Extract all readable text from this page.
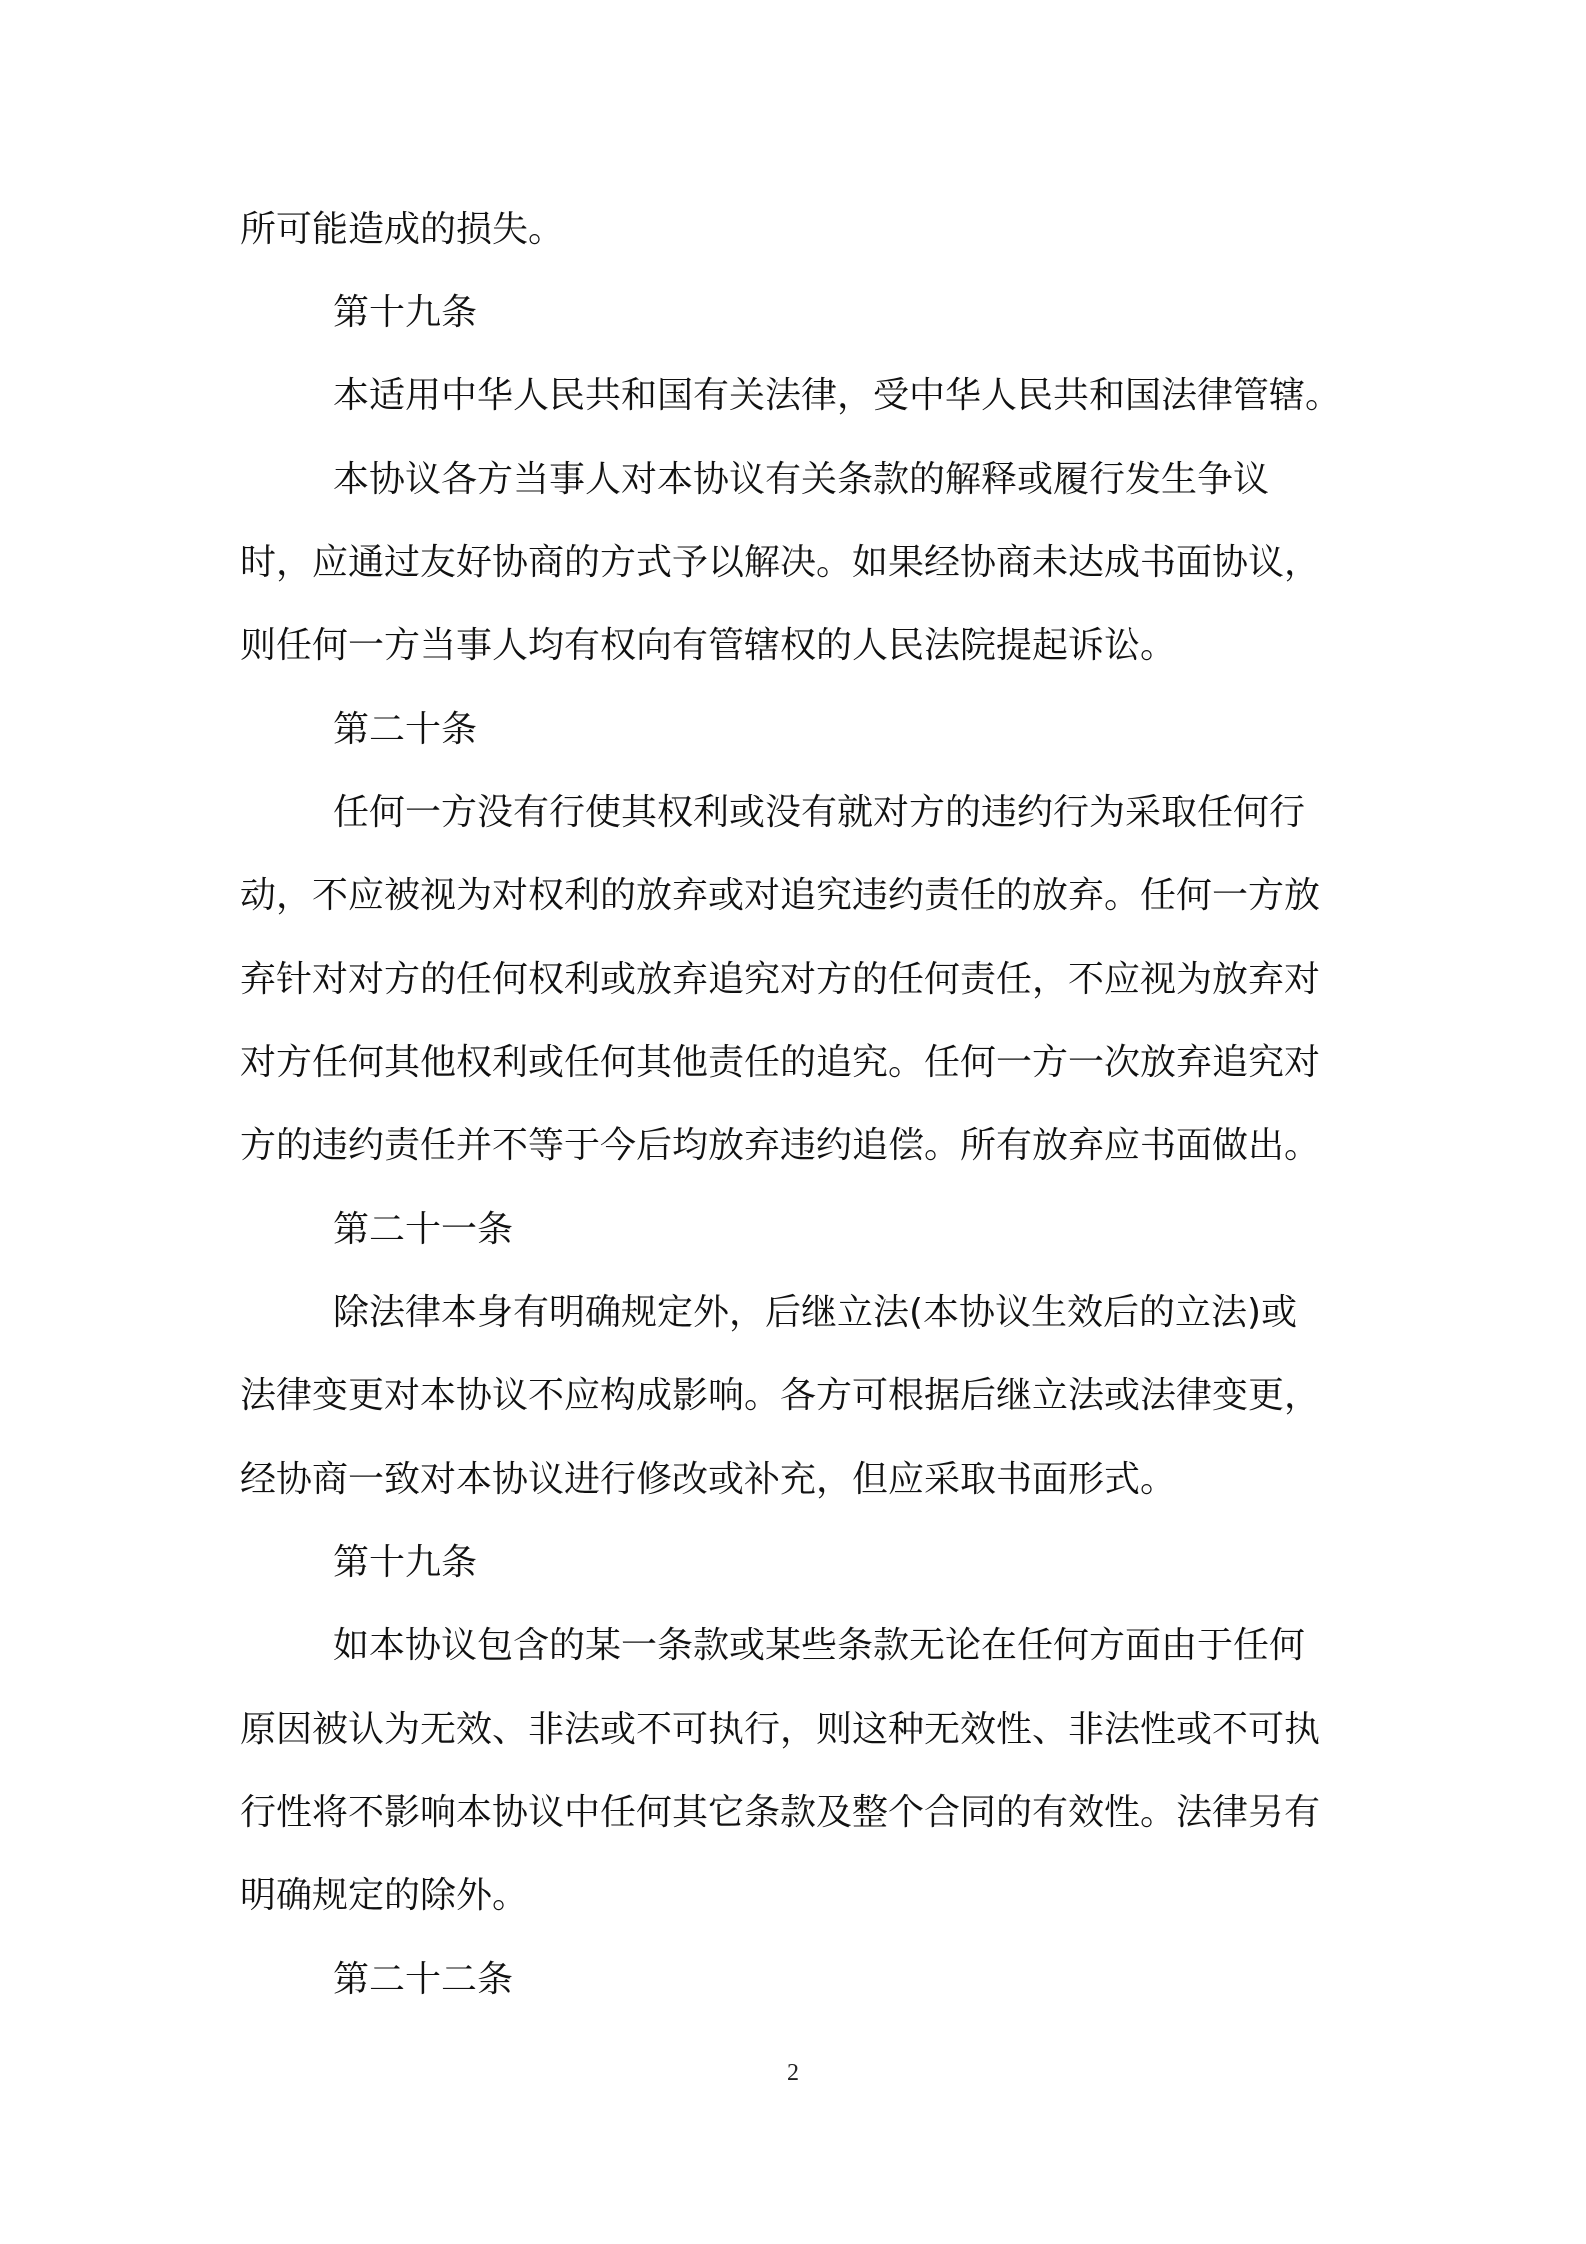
所可能造成的损失。
第十九条
本适用中华人民共和国有关法律，受中华人民共和国法律管辖。
本协议各方当事人对本协议有关条款的解释或履行发生争议
时，应通过友好协商的方式予以解决。如果经协商未达成书面协议，
则任何一方当事人均有权向有管辖权的人民法院提起诉讼。
第二十条
任何一方没有行使其权利或没有就对方的违约行为采取任何行
动，不应被视为对权利的放弃或对追究违约责任的放弃。任何一方放
弃针对对方的任何权利或放弃追究对方的任何责任，不应视为放弃对
对方任何其他权利或任何其他责任的追究。任何一方一次放弃追究对
方的违约责任并不等于今后均放弃违约追偿。所有放弃应书面做出。
第二十一条
除法律本身有明确规定外，后继立法(本协议生效后的立法)或
法律变更对本协议不应构成影响。各方可根据后继立法或法律变更，
经协商一致对本协议进行修改或补充，但应采取书面形式。
第十九条
如本协议包含的某一条款或某些条款无论在任何方面由于任何
原因被认为无效、非法或不可执行，则这种无效性、非法性或不可执
行性将不影响本协议中任何其它条款及整个合同的有效性。法律另有
明确规定的除外。
第二十二条
2
